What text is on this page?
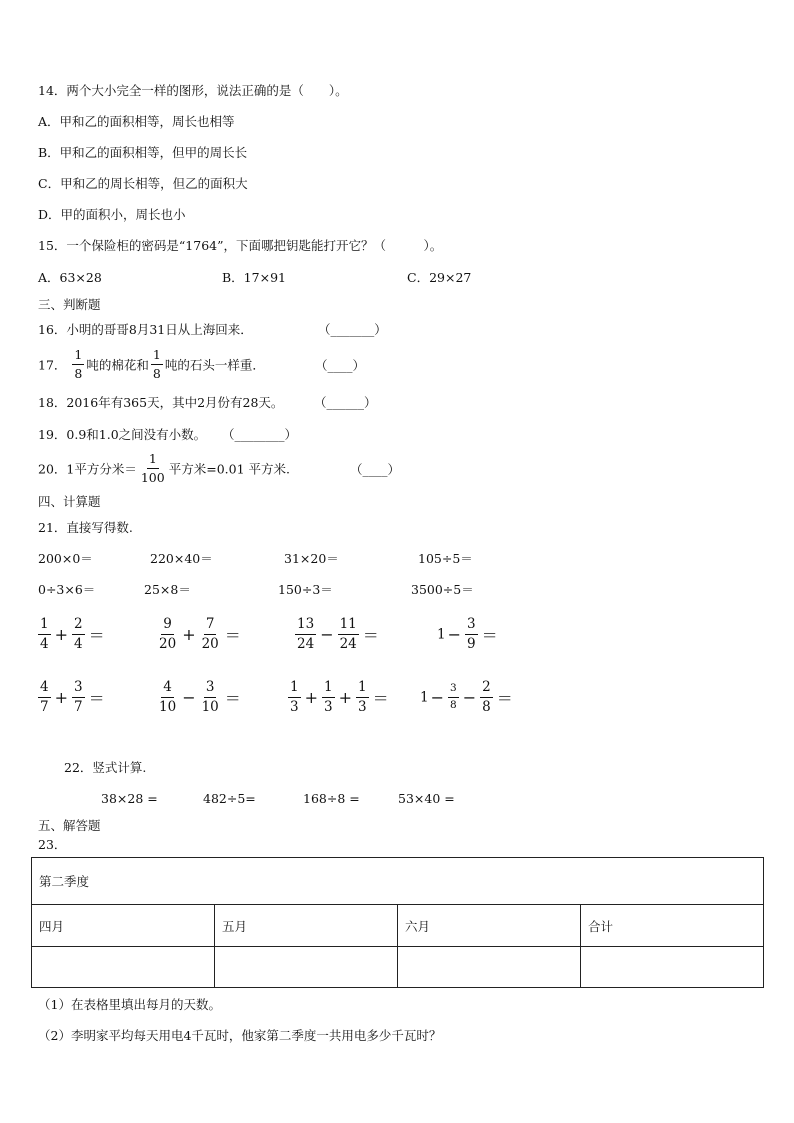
14．两个大小完全一样的图形，说法正确的是（　　）。
A．甲和乙的面积相等，周长也相等
B．甲和乙的面积相等，但甲的周长长
C．甲和乙的周长相等，但乙的面积大
D．甲的面积小，周长也小
15．一个保险柜的密码是“1764”，下面哪把钥匙能打开它？（　　　）。
A．63×28	B．17×91	C．29×27
三、判断题
16．小明的哥哥8月31日从上海回来．	（_______）
17． $\frac{1}{8}$ 吨的棉花和 $\frac{1}{8}$ 吨的石头一样重．	（____）
18．2016年有365天，其中2月份有28天。 （______）
19．0.9和1.0之间没有小数。 （________）
20．1平方分米＝ $\frac{1}{100}$ 平方米=0.01 平方米.	（____）
四、计算题
21．直接写得数.
200×0＝	220×40＝	31×20＝	105÷5＝
0÷3×6＝	25×8＝	150÷3＝	3500÷5＝
$\frac{1}{4} + \frac{2}{4}$ ＝	$\frac{9}{20} + \frac{7}{20}$ ＝	$\frac{13}{24} - \frac{11}{24}$ ＝	$1 - \frac{3}{9}$ ＝
$\frac{4}{7} + \frac{3}{7}$ ＝	$\frac{4}{10} - \frac{3}{10}$ ＝	$\frac{1}{3} + \frac{1}{3} + \frac{1}{3} = 1 - \frac{3}{8} - \frac{2}{8}$ ＝
22．竖式计算.
38×28 =	482÷5=	168÷8 =	53×40 =
五、解答题
23．
第二季度			
四月	五月	六月	合计

（1）在表格里填出每月的天数。
（2）李明家平均每天用电4千瓦时，他家第二季度一共用电多少千瓦时？
